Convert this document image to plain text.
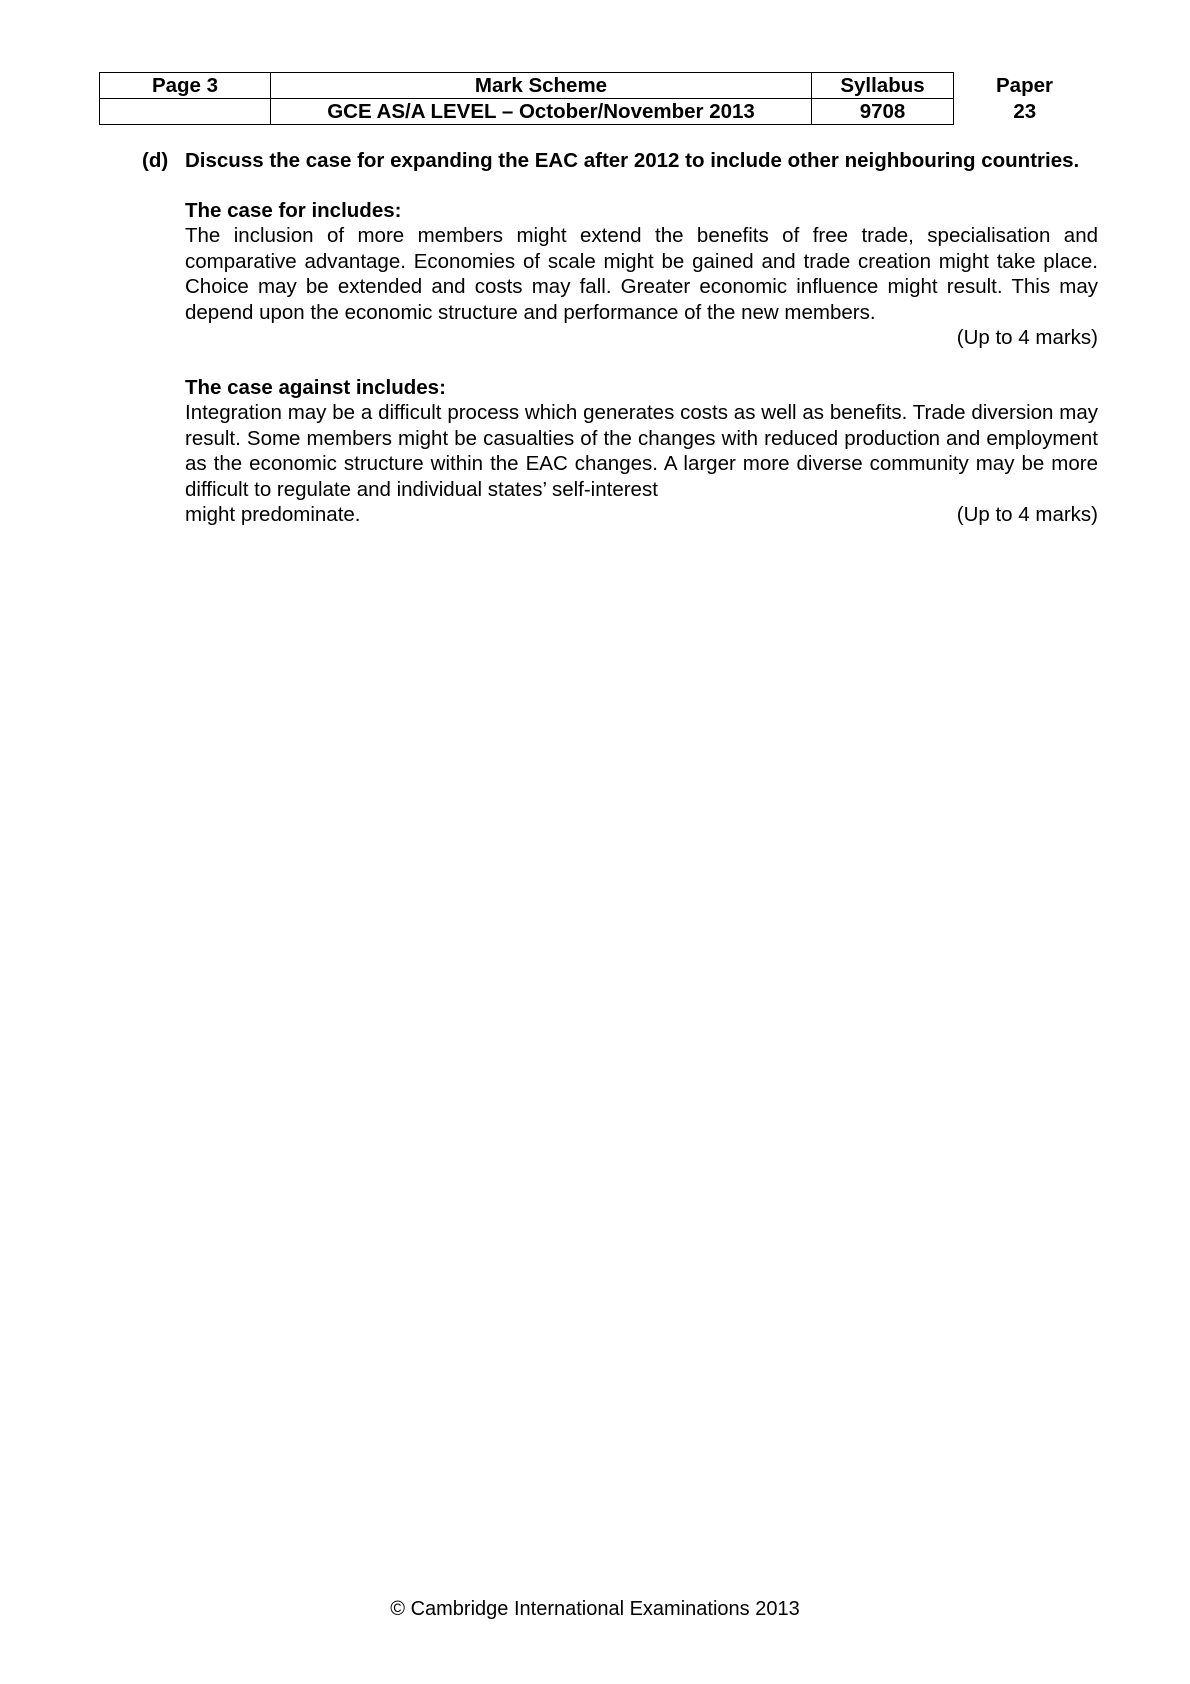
Page 3	Mark Scheme	Syllabus	Paper
	GCE AS/A LEVEL – October/November 2013	9708	23
(d) Discuss the case for expanding the EAC after 2012 to include other neighbouring countries.
The case for includes:
The inclusion of more members might extend the benefits of free trade, specialisation and comparative advantage. Economies of scale might be gained and trade creation might take place. Choice may be extended and costs may fall. Greater economic influence might result. This may depend upon the economic structure and performance of the new members.
(Up to 4 marks)
The case against includes:
Integration may be a difficult process which generates costs as well as benefits. Trade diversion may result. Some members might be casualties of the changes with reduced production and employment as the economic structure within the EAC changes. A larger more diverse community may be more difficult to regulate and individual states’ self-interest
might predominate.	(Up to 4 marks)
© Cambridge International Examinations 2013
